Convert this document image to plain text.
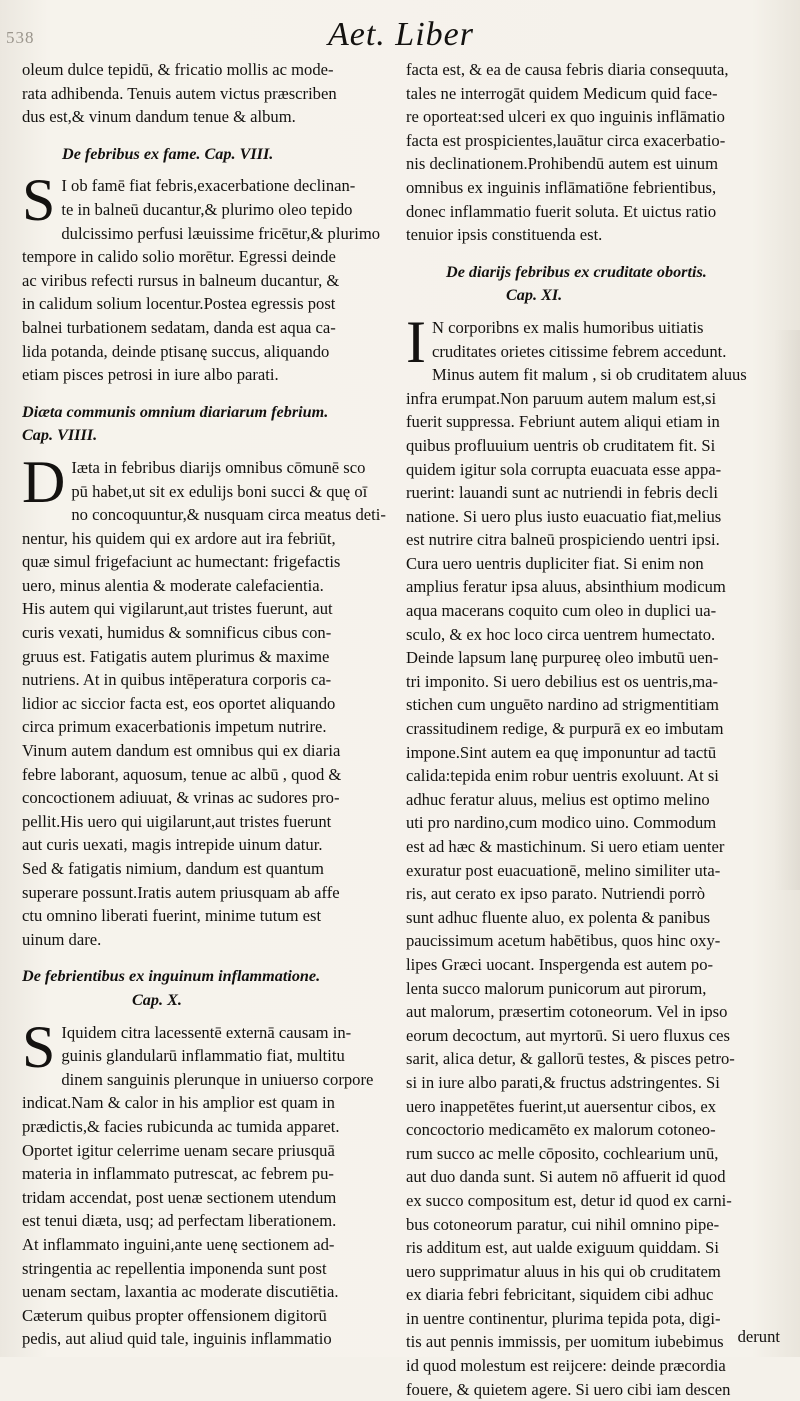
538	Aet. Liber
oleum dulce tepidū, & fricatio mollis ac mode-
rata adhibenda. Tenuis autem victus præscriben
dus est,& vinum dandum tenue & album.
De febribus ex fame. Cap. VIII.
S I ob famē fiat febris,exacerbatione declinan-
te in balneū ducantur,& plurimo oleo tepido
dulcissimo perfusi læuissime fricētur,& plurimo
tempore in calido solio morētur. Egressi deinde
ac viribus refecti rursus in balneum ducantur, &
in calidum solium locentur.Postea egressis post
balnei turbationem sedatam, danda est aqua ca-
lida potanda, deinde ptisanę succus, aliquando
etiam pisces petrosi in iure albo parati.
Diæta communis omnium diariarum febrium.
Cap. VIIII.
D Iæta in febribus diarijs omnibus cōmunē sco
pū habet,ut sit ex edulijs boni succi & quę oī
no concoquuntur,& nusquam circa meatus deti-
nentur, his quidem qui ex ardore aut ira febriūt,
quæ simul frigefaciunt ac humectant: frigefactis
uero, minus alentia & moderate calefacientia.
His autem qui vigilarunt,aut tristes fuerunt, aut
curis vexati, humidus & somnificus cibus con-
gruus est. Fatigatis autem plurimus & maxime
nutriens. At in quibus intēperatura corporis ca-
lidior ac siccior facta est, eos oportet aliquando
circa primum exacerbationis impetum nutrire.
Vinum autem dandum est omnibus qui ex diaria
febre laborant, aquosum, tenue ac albū , quod &
concoctionem adiuuat, & vrinas ac sudores pro-
pellit.His uero qui uigilarunt,aut tristes fuerunt
aut curis uexati, magis intrepide uinum datur.
Sed & fatigatis nimium, dandum est quantum
superare possunt.Iratis autem priusquam ab affe
ctu omnino liberati fuerint, minime tutum est
uinum dare.
De febrientibus ex inguinum inflammatione.
Cap. X.
S Iquidem citra lacessentē externā causam in-
guinis glandularū inflammatio fiat, multitu
dinem sanguinis plerunque in uniuerso corpore
indicat.Nam & calor in his amplior est quam in
prædictis,& facies rubicunda ac tumida apparet.
Oportet igitur celerrime uenam secare priusquā
materia in inflammato putrescat, ac febrem pu-
tridam accendat, post uenæ sectionem utendum
est tenui diæta, usq; ad perfectam liberationem.
At inflammato inguini,ante uenę sectionem ad-
stringentia ac repellentia imponenda sunt post
uenam sectam, laxantia ac moderate discutiētia.
Cæterum quibus propter offensionem digitorū
pedis, aut aliud quid tale, inguinis inflammatio
facta est, & ea de causa febris diaria consequuta,
tales ne interrogāt quidem Medicum quid face-
re oporteat:sed ulceri ex quo inguinis inflāmatio
facta est prospicientes,lauātur circa exacerbatio-
nis declinationem.Prohibendū autem est uinum
omnibus ex inguinis inflāmatiōne febrientibus,
donec inflammatio fuerit soluta. Et uictus ratio
tenuior ipsis constituenda est.
De diarijs febribus ex cruditate obortis.
Cap. XI.
I N corporibns ex malis humoribus uitiatis
cruditates orietes citissime febrem accedunt.
Minus autem fit malum , si ob cruditatem aluus
infra erumpat.Non paruum autem malum est,si
fuerit suppressa. Febriunt autem aliqui etiam in
quibus profluuium uentris ob cruditatem fit. Si
quidem igitur sola corrupta euacuata esse appa-
ruerint: lauandi sunt ac nutriendi in febris decli
natione. Si uero plus iusto euacuatio fiat,melius
est nutrire citra balneū prospiciendo uentri ipsi.
Cura uero uentris dupliciter fiat. Si enim non
amplius feratur ipsa aluus, absinthium modicum
aqua macerans coquito cum oleo in duplici ua-
sculo, & ex hoc loco circa uentrem humectato.
Deinde lapsum lanę purpureę oleo imbutū uen-
tri imponito. Si uero debilius est os uentris,ma-
stichen cum unguēto nardino ad strigmentitiam
crassitudinem redige, & purpurā ex eo imbutam
impone.Sint autem ea quę imponuntur ad tactū
calida:tepida enim robur uentris exoluunt. At si
adhuc feratur aluus, melius est optimo melino
uti pro nardino,cum modico uino. Commodum
est ad hæc & mastichinum. Si uero etiam uenter
exuratur post euacuationē, melino similiter uta-
ris, aut cerato ex ipso parato. Nutriendi porrò
sunt adhuc fluente aluo, ex polenta & panibus
paucissimum acetum habētibus, quos hinc oxy-
lipes Græci uocant. Inspergenda est autem po-
lenta succo malorum punicorum aut pirorum,
aut malorum, præsertim cotoneorum. Vel in ipso
eorum decoctum, aut myrtorū. Si uero fluxus ces
sarit, alica detur, & gallorū testes, & pisces petro-
si in iure albo parati,& fructus adstringentes. Si
uero inappetētes fuerint,ut auersentur cibos, ex
concoctorio medicamēto ex malorum cotoneo-
rum succo ac melle cōposito, cochlearium unū,
aut duo danda sunt. Si autem nō affuerit id quod
ex succo compositum est, detur id quod ex carni-
bus cotoneorum paratur, cui nihil omnino pipe-
ris additum est, aut ualde exiguum quiddam. Si
uero supprimatur aluus in his qui ob cruditatem
ex diaria febri febricitant, siquidem cibi adhuc
in uentre continentur, plurima tepida pota, digi-
tis aut pennis immissis, per uomitum iubebimus
id quod molestum est reijcere: deinde præcordia
fouere, & quietem agere. Si uero cibi iam descen
derunt
